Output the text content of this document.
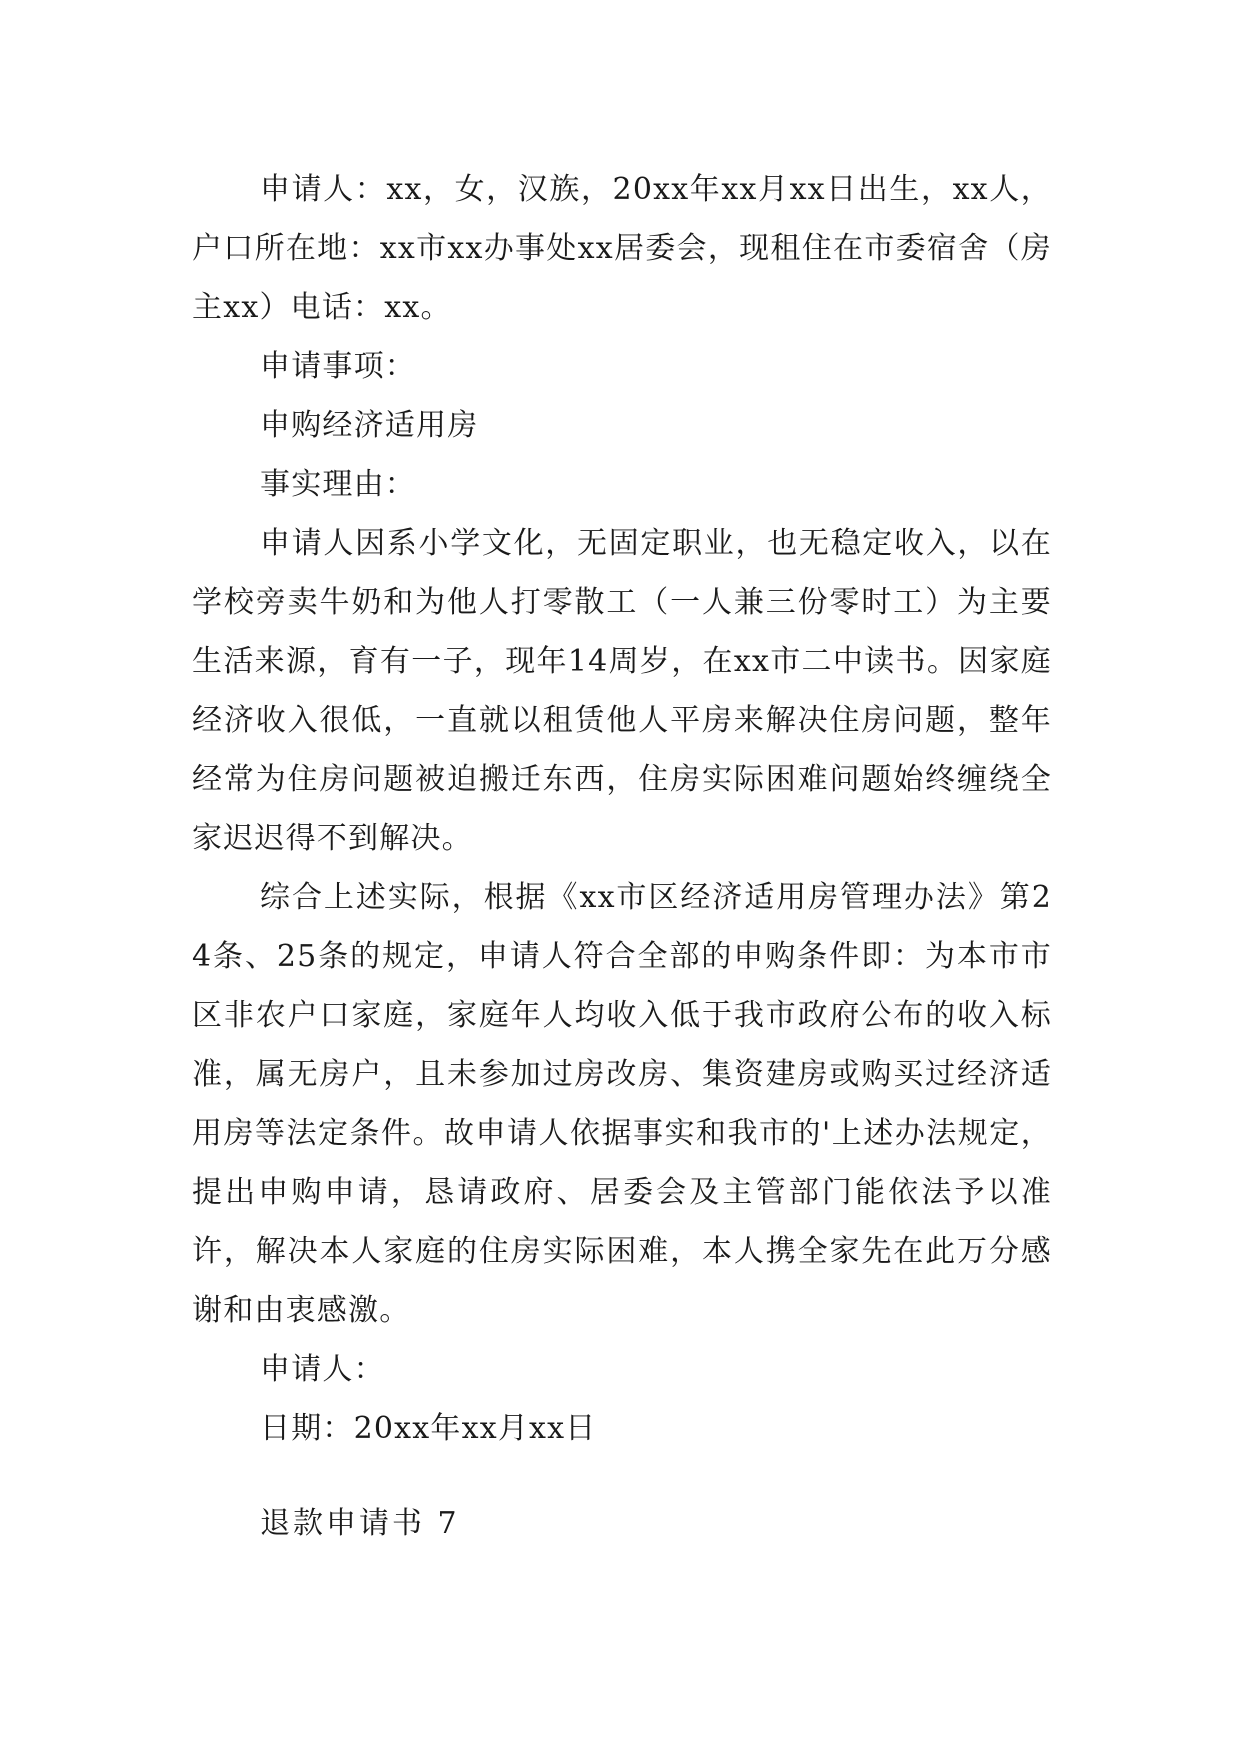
申请人：xx，女，汉族，20xx年xx月xx日出生，xx人，户口所在地：xx市xx办事处xx居委会，现租住在市委宿舍（房主xx）电话：xx。

申请事项：

申购经济适用房

事实理由：

申请人因系小学文化，无固定职业，也无稳定收入，以在学校旁卖牛奶和为他人打零散工（一人兼三份零时工）为主要生活来源，育有一子，现年14周岁，在xx市二中读书。因家庭经济收入很低，一直就以租赁他人平房来解决住房问题，整年经常为住房问题被迫搬迁东西，住房实际困难问题始终缠绕全家迟迟得不到解决。

综合上述实际，根据《xx市区经济适用房管理办法》第24条、25条的规定，申请人符合全部的申购条件即：为本市市区非农户口家庭，家庭年人均收入低于我市政府公布的收入标准，属无房户，且未参加过房改房、集资建房或购买过经济适用房等法定条件。故申请人依据事实和我市的'上述办法规定，提出申购申请，恳请政府、居委会及主管部门能依法予以准许，解决本人家庭的住房实际困难，本人携全家先在此万分感谢和由衷感激。

申请人：

日期：20xx年xx月xx日

退款申请书 7
